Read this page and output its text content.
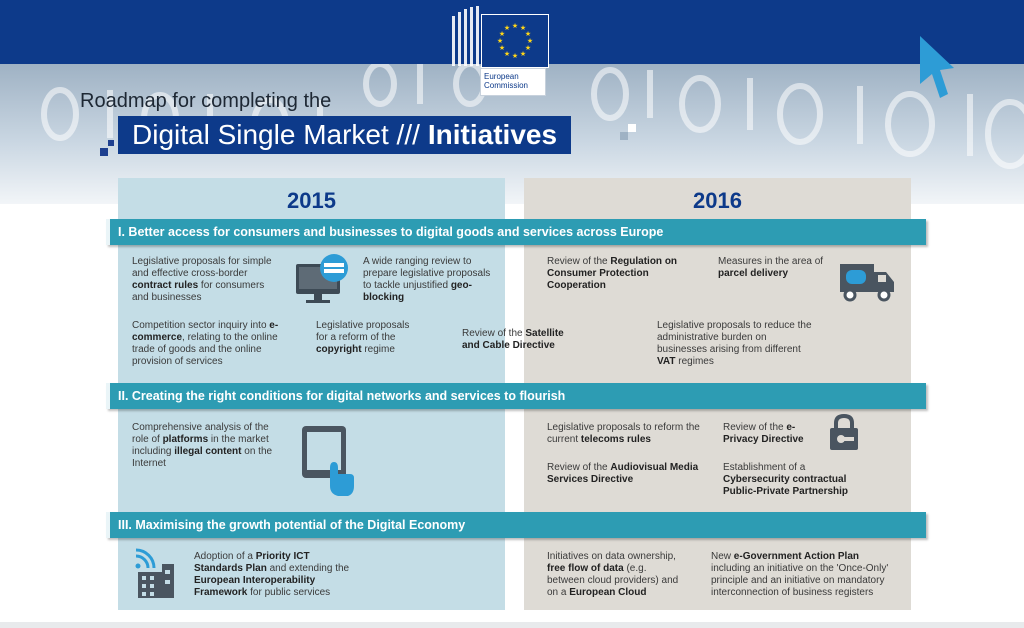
★ ★
★
★
★
★
★
★
★
★
★
★
European
Commission
Roadmap for completing the
Digital Single Market /// Initiatives
2015	2016
I. Better access for consumers and businesses to digital goods and services across Europe
II. Creating the right conditions for digital networks and services to flourish
III. Maximising the growth potential of the Digital Economy
Legislative proposals for simple and effective cross-border contract rules for consumers and businesses
A wide ranging review to prepare legislative proposals to tackle unjustified geo-blocking
Review of the Regulation on Consumer Protection Cooperation
Measures in the area of parcel delivery
Competition sector inquiry into e-commerce, relating to the online trade of goods and the online provision of services
Legislative proposals for a reform of the copyright regime
Review of the Satellite and Cable Directive
Legislative proposals to reduce the administrative burden on businesses arising from different VAT regimes
Comprehensive analysis of the role of platforms in the market including illegal content on the Internet
Legislative proposals to reform the current telecoms rules
Review of the e-Privacy Directive
Review of the Audiovisual Media Services Directive
Establishment of a Cybersecurity contractual Public-Private Partnership
Adoption of a Priority ICT Standards Plan and extending the European Interoperability Framework for public services
Initiatives on data ownership, free flow of data (e.g. between cloud providers) and on a European Cloud
New e-Government Action Plan including an initiative on the 'Once-Only' principle and an initiative on mandatory interconnection of business registers
